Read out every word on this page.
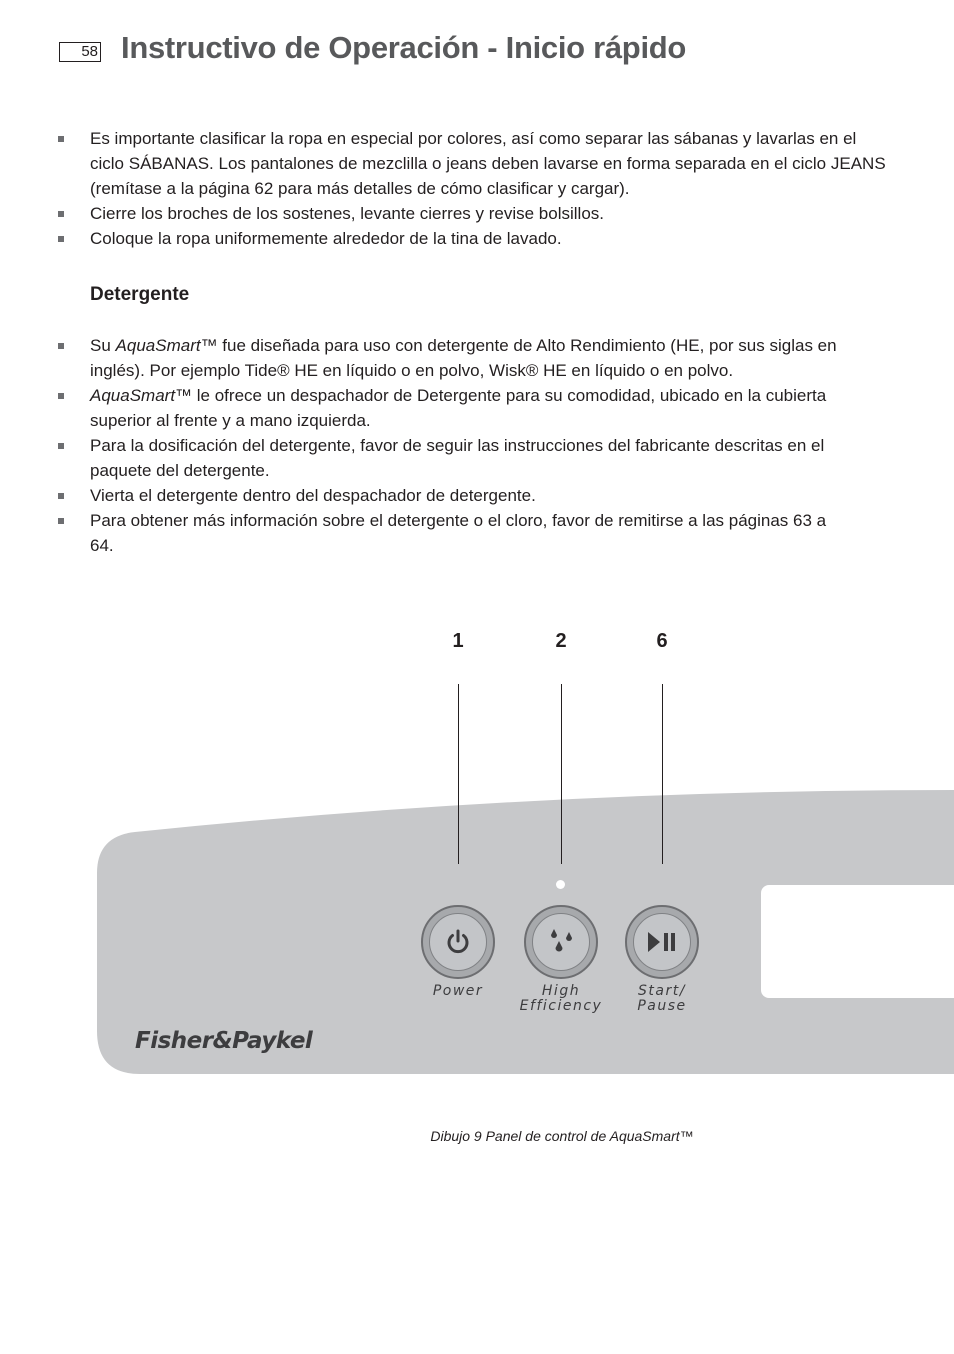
58 Instructivo de Operación - Inicio rápido
Es importante clasificar la ropa en especial por colores, así como separar las sábanas y lavarlas en el ciclo SÁBANAS. Los pantalones de mezclilla o jeans deben lavarse en forma separada en el ciclo JEANS (remítase a la página 62 para más detalles de cómo clasificar y cargar).
Cierre los broches de los sostenes, levante cierres y revise bolsillos.
Coloque la ropa uniformemente alrededor de la tina de lavado.
Detergente
Su AquaSmart™ fue diseñada para uso con detergente de Alto Rendimiento (HE, por sus siglas en inglés). Por ejemplo Tide® HE en líquido o en polvo, Wisk® HE en líquido o en polvo.
AquaSmart™ le ofrece un despachador de Detergente para su comodidad, ubicado en la cubierta superior al frente y a mano izquierda.
Para la dosificación del detergente, favor de seguir las instrucciones del fabricante descritas en el paquete del detergente.
Vierta el detergente dentro del despachador de detergente.
Para obtener más información sobre el detergente o el cloro, favor de remitirse a las páginas 63 a 64.
1	2	6
Power	High
Efficiency
Start/
Pause
Fisher&Paykel
Dibujo 9 Panel de control de AquaSmart™
